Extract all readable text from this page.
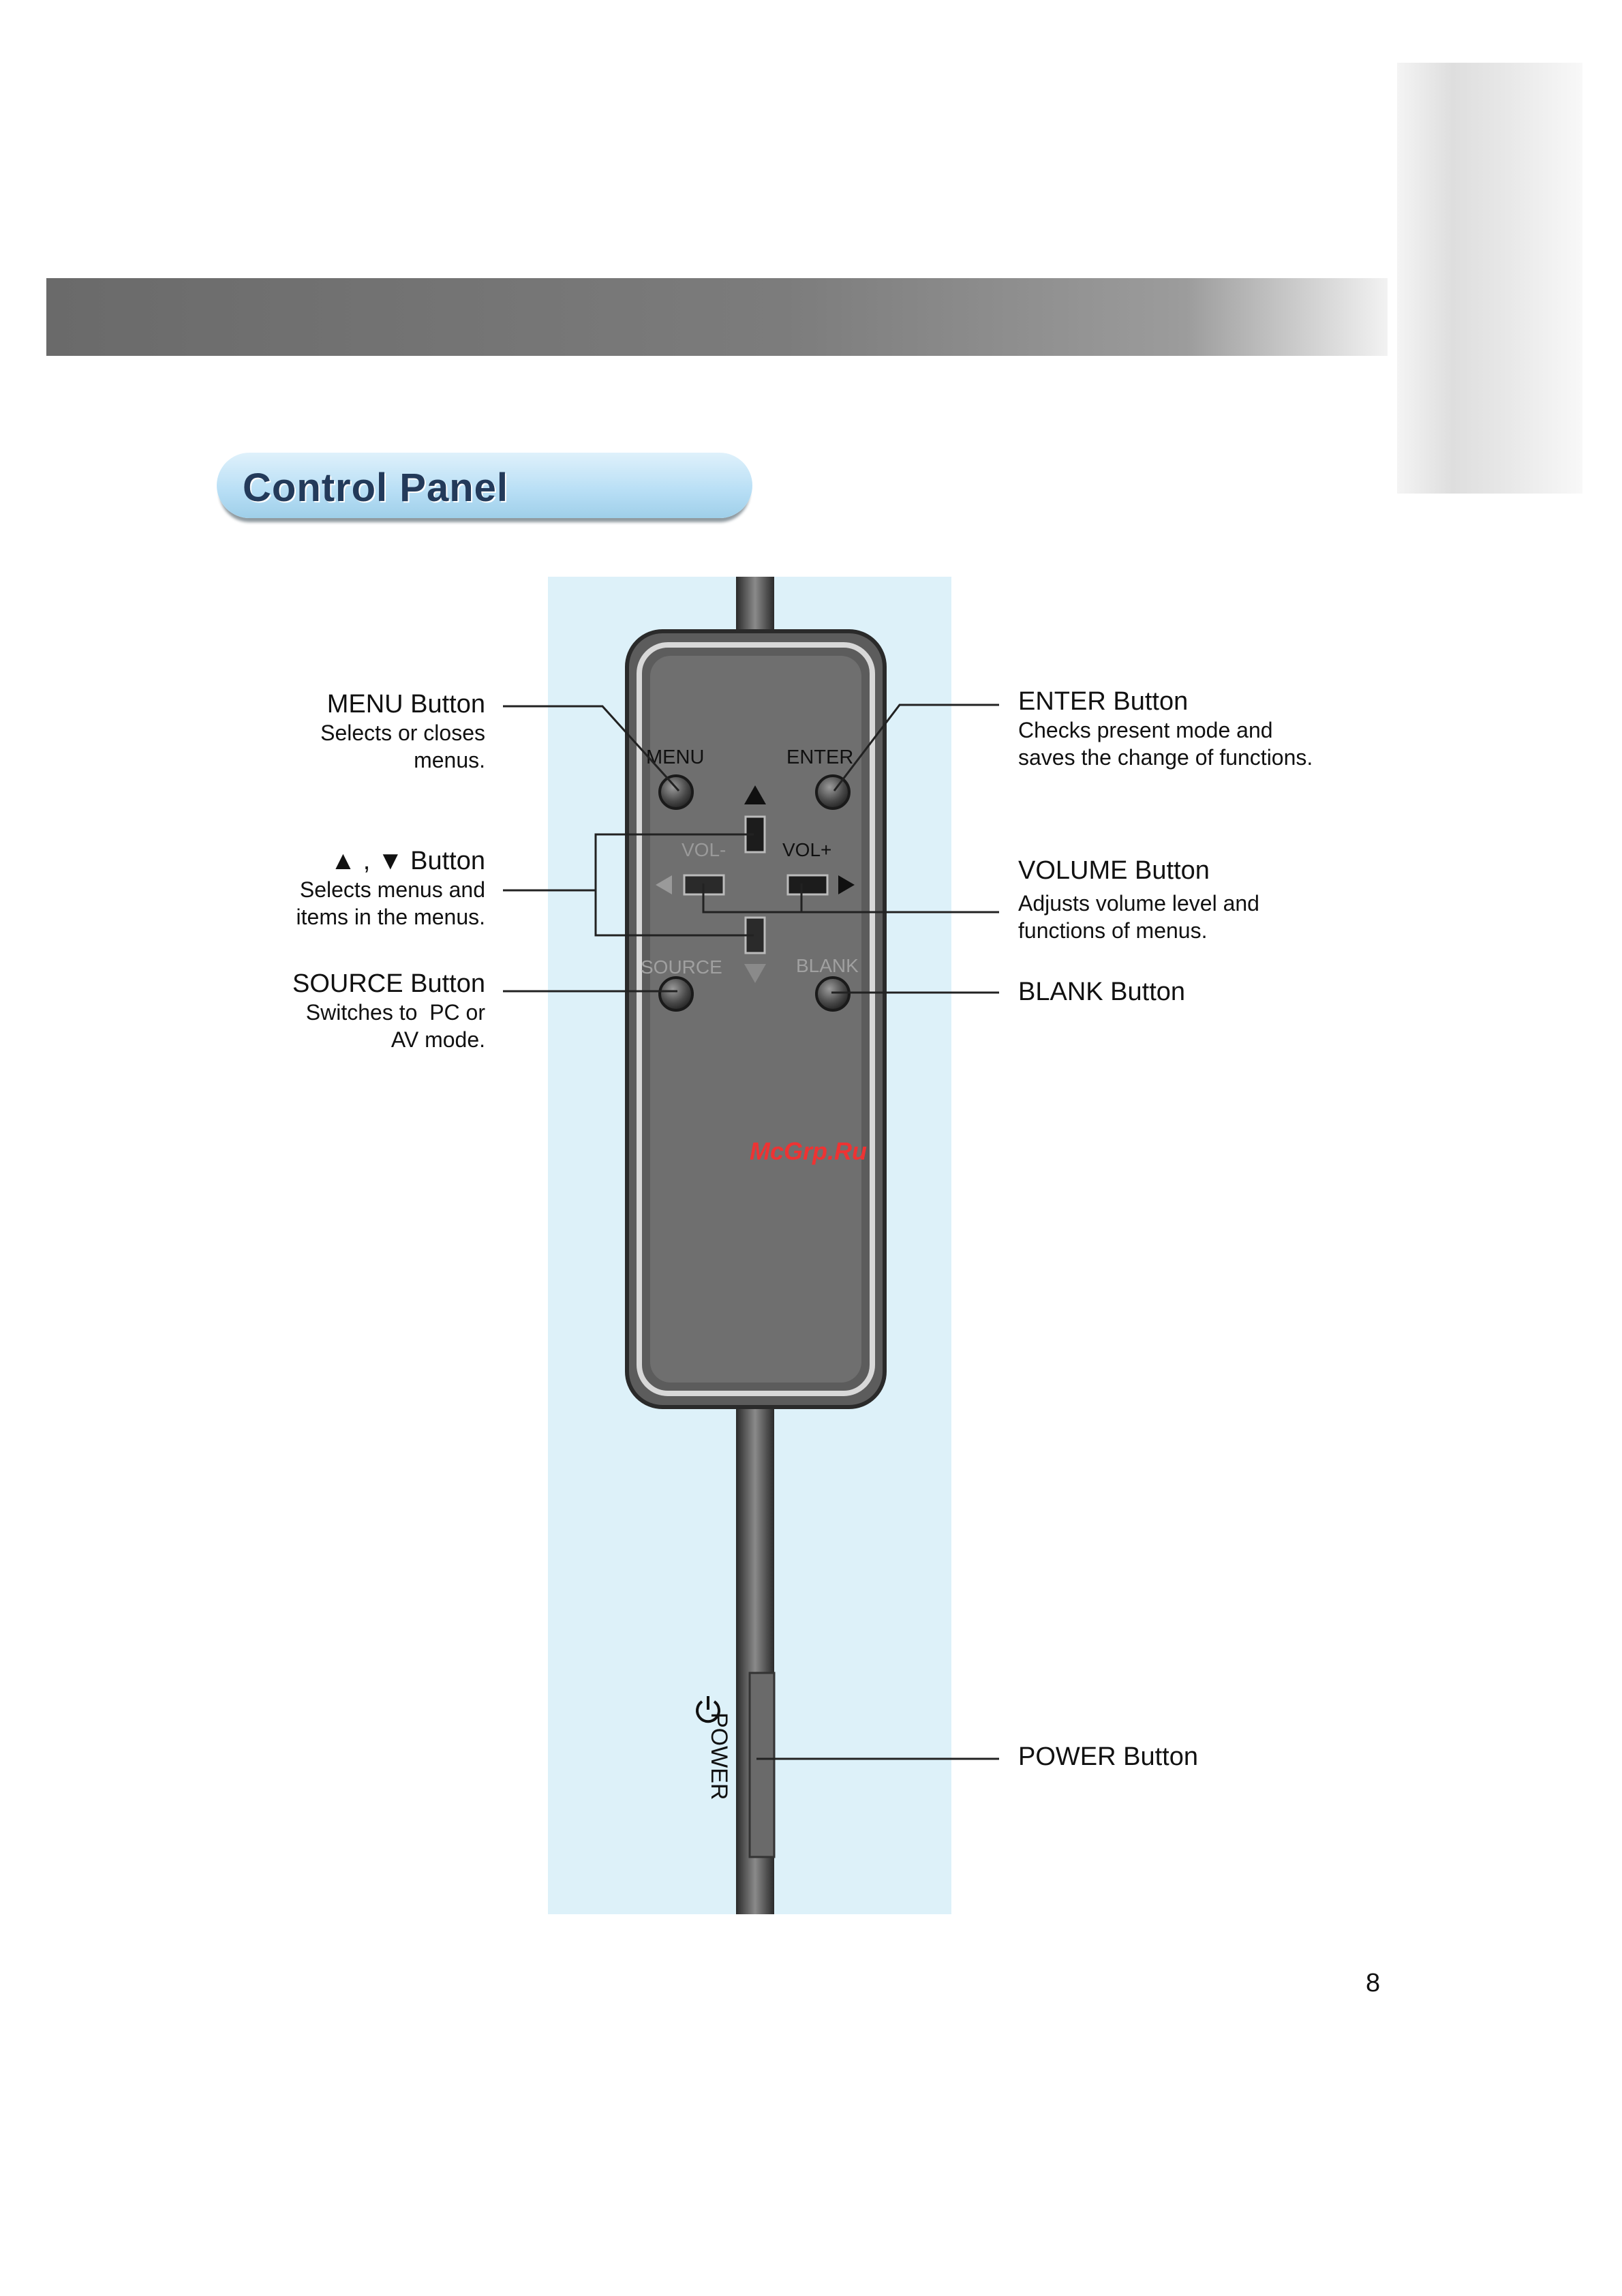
Control Panel
MENU	ENTER
VOL-	VOL+
SOURCE	BLANK
POWER
MENU Button
Selects or closes
menus.
▲ , ▼ Button
Selects menus and
items in the menus.
SOURCE Button
Switches to  PC or
AV mode.
ENTER Button
Checks present mode and
saves the change of functions.
VOLUME Button
Adjusts volume level and
functions of menus.
BLANK Button
POWER Button
McGrp.Ru
8
